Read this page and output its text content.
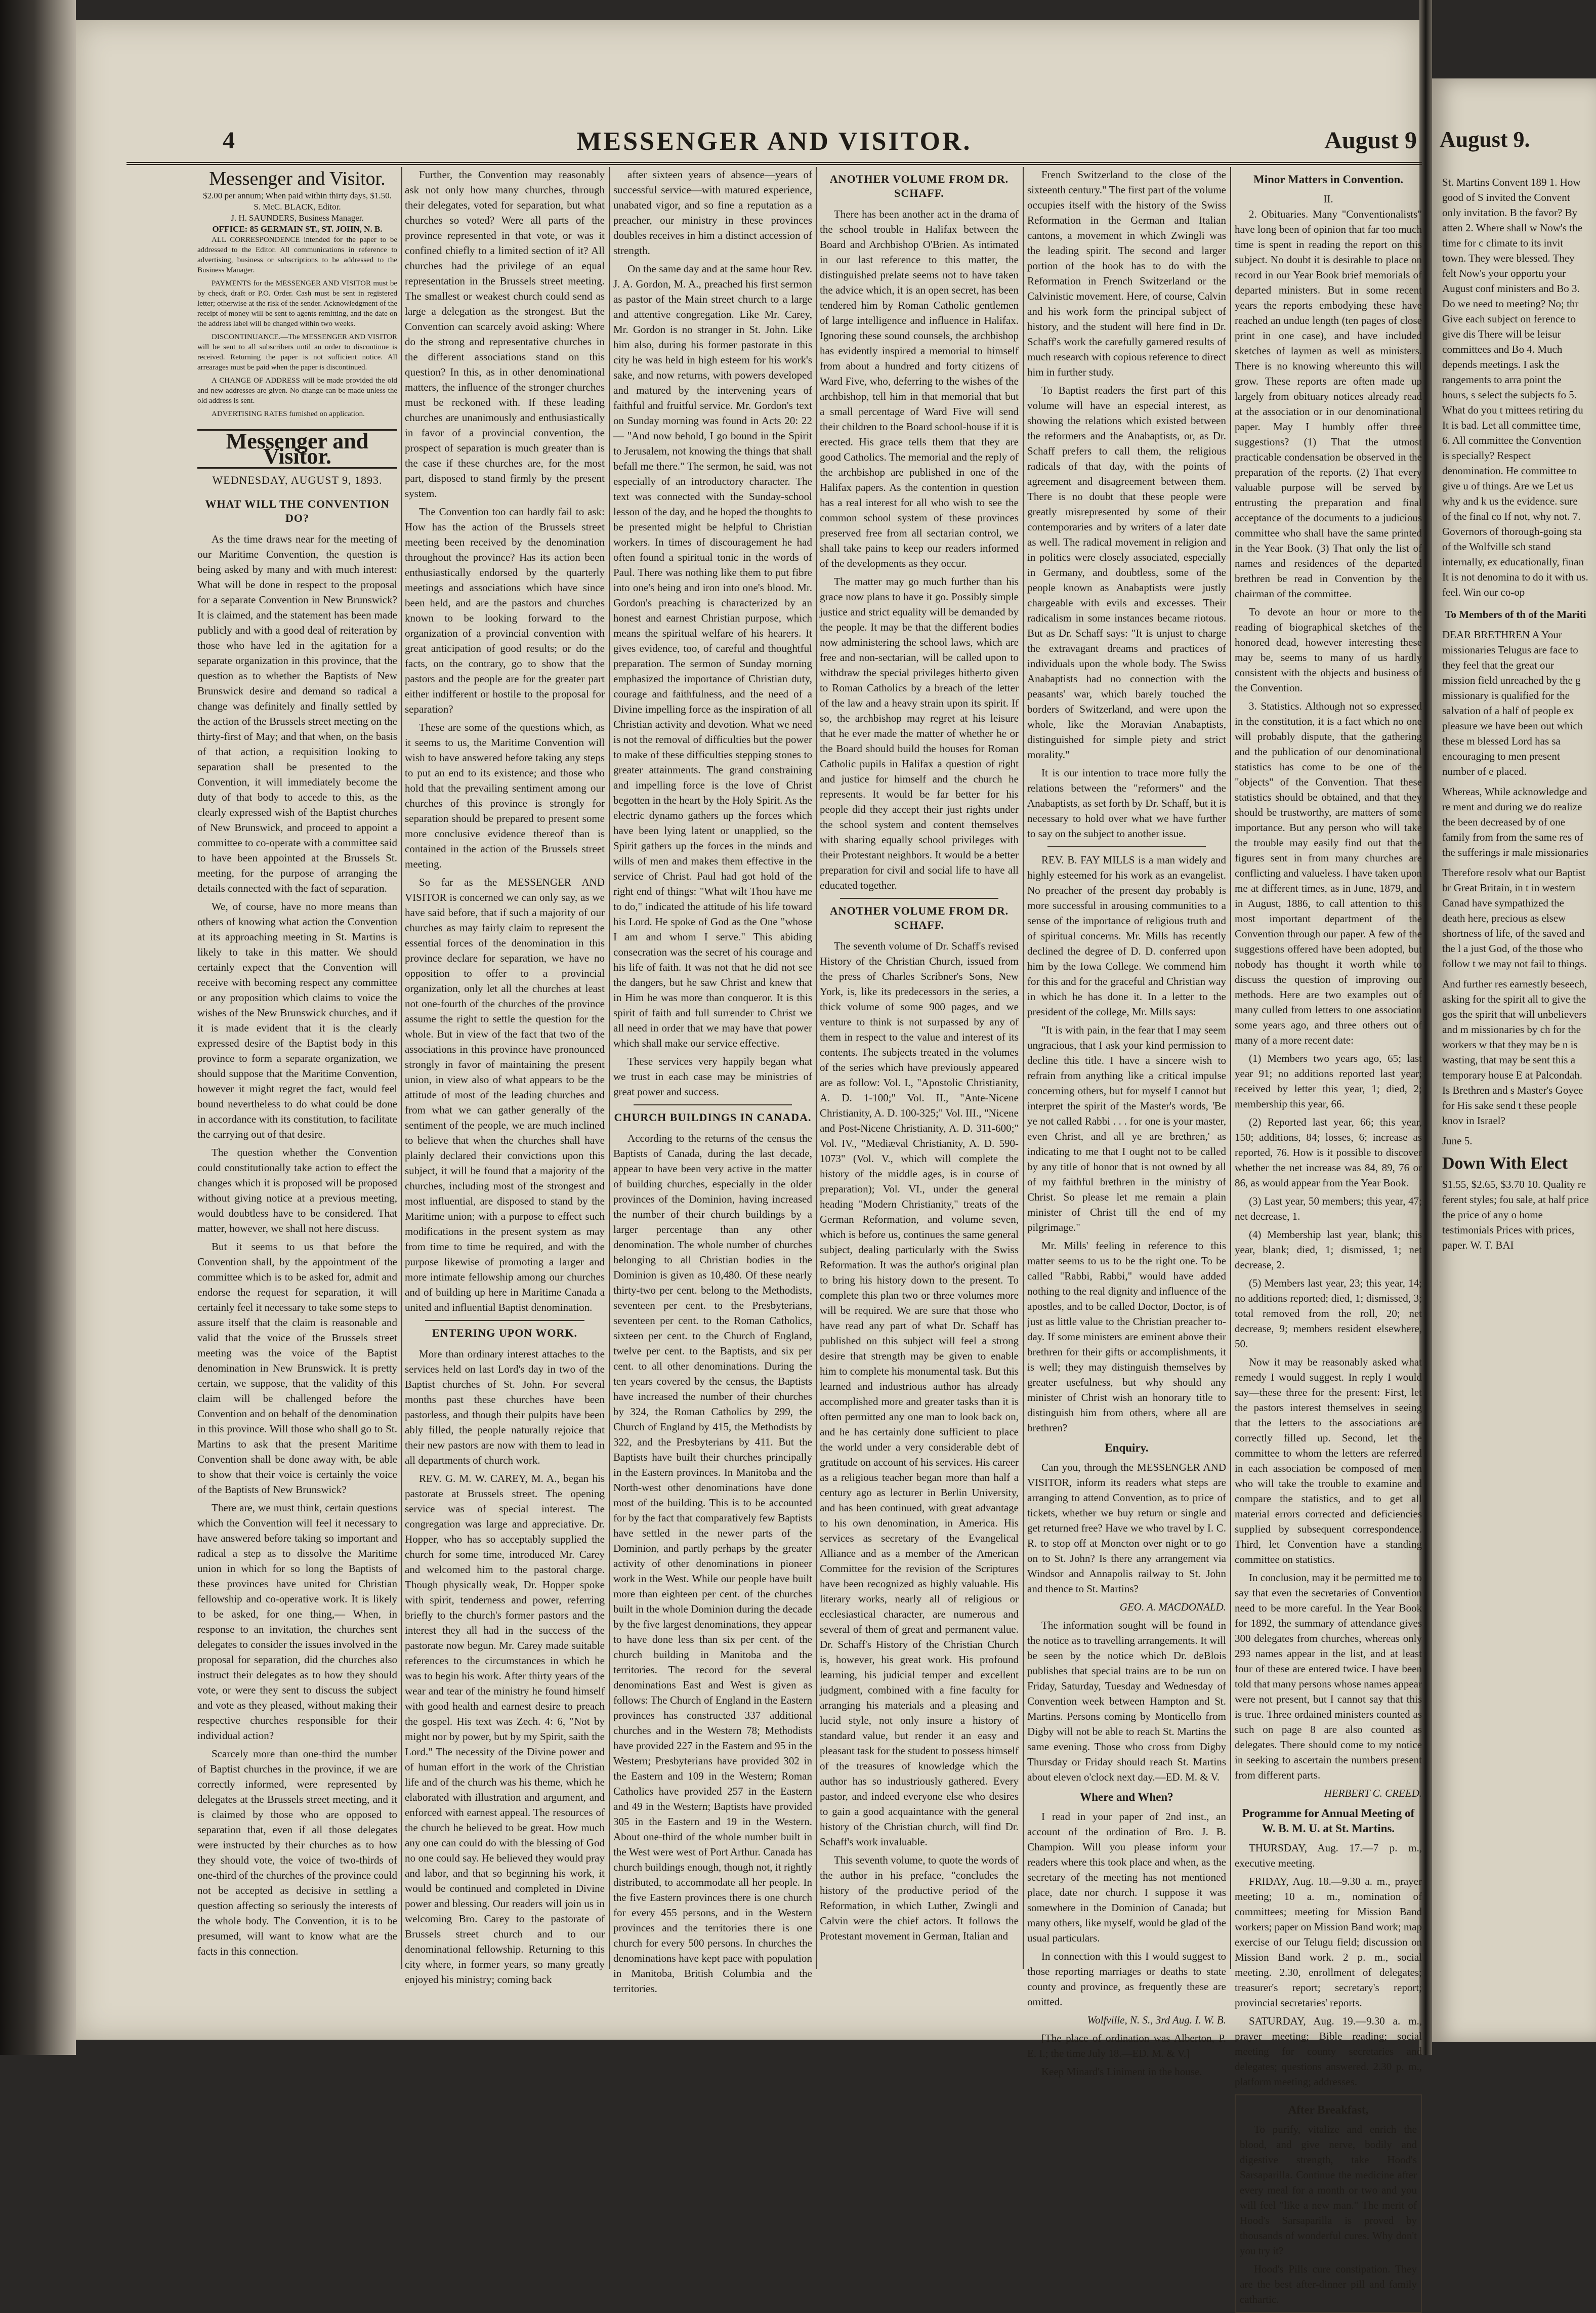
4	MESSENGER AND VISITOR.	August 9
Messenger and Visitor.
$2.00 per annum; When paid within thirty days, $1.50.
S. McC. BLACK, Editor.
J. H. SAUNDERS, Business Manager.
OFFICE: 85 GERMAIN ST., ST. JOHN, N. B.

ALL CORRESPONDENCE intended for the paper to be addressed to the Editor. All communications in reference to advertising, business or subscriptions to be addressed to the Business Manager.

PAYMENTS for the MESSENGER AND VISITOR must be by check, draft or P.O. Order. Cash must be sent in registered letter; otherwise at the risk of the sender. Acknowledgment of the receipt of money will be sent to agents remitting, and the date on the address label will be changed within two weeks.

DISCONTINUANCE.—The MESSENGER AND VISITOR will be sent to all subscribers until an order to discontinue is received. Returning the paper is not sufficient notice. All arrearages must be paid when the paper is discontinued.

A CHANGE OF ADDRESS will be made provided the old and new addresses are given. No change can be made unless the old address is sent.

ADVERTISING RATES furnished on application.

Messenger and Visitor.
WEDNESDAY, AUGUST 9, 1893.
WHAT WILL THE CONVENTION DO?

As the time draws near for the meeting of our Maritime Convention, the question is being asked by many and with much interest: What will be done in respect to the proposal for a separate Convention in New Brunswick? It is claimed, and the statement has been made publicly and with a good deal of reiteration by those who have led in the agitation for a separate organization in this province, that the question as to whether the Baptists of New Brunswick desire and demand so radical a change was definitely and finally settled by the action of the Brussels street meeting on the thirty-first of May; and that when, on the basis of that action, a requisition looking to separation shall be presented to the Convention, it will immediately become the duty of that body to accede to this, as the clearly expressed wish of the Baptist churches of New Brunswick, and proceed to appoint a committee to co-operate with a committee said to have been appointed at the Brussels St. meeting, for the purpose of arranging the details connected with the fact of separation.

We, of course, have no more means than others of knowing what action the Convention at its approaching meeting in St. Martins is likely to take in this matter. We should certainly expect that the Convention will receive with becoming respect any committee or any proposition which claims to voice the wishes of the New Brunswick churches, and if it is made evident that it is the clearly expressed desire of the Baptist body in this province to form a separate organization, we should suppose that the Maritime Convention, however it might regret the fact, would feel bound nevertheless to do what could be done in accordance with its constitution, to facilitate the carrying out of that desire.

The question whether the Convention could constitutionally take action to effect the changes which it is proposed will be proposed without giving notice at a previous meeting, would doubtless have to be considered. That matter, however, we shall not here discuss.

But it seems to us that before the Convention shall, by the appointment of the committee which is to be asked for, admit and endorse the request for separation, it will certainly feel it necessary to take some steps to assure itself that the claim is reasonable and valid that the voice of the Brussels street meeting was the voice of the Baptist denomination in New Brunswick. It is pretty certain, we suppose, that the validity of this claim will be challenged before the Convention and on behalf of the denomination in this province. Will those who shall go to St. Martins to ask that the present Maritime Convention shall be done away with, be able to show that their voice is certainly the voice of the Baptists of New Brunswick?

There are, we must think, certain questions which the Convention will feel it necessary to have answered before taking so important and radical a step as to dissolve the Maritime union in which for so long the Baptists of these provinces have united for Christian fellowship and co-operative work. It is likely to be asked, for one thing,— When, in response to an invitation, the churches sent delegates to consider the issues involved in the proposal for separation, did the churches also instruct their delegates as to how they should vote, or were they sent to discuss the subject and vote as they pleased, without making their respective churches responsible for their individual action?

Scarcely more than one-third the number of Baptist churches in the province, if we are correctly informed, were represented by delegates at the Brussels street meeting, and it is claimed by those who are opposed to separation that, even if all those delegates were instructed by their churches as to how they should vote, the voice of two-thirds of one-third of the churches of the province could not be accepted as decisive in settling a question affecting so seriously the interests of the whole body. The Convention, it is to be presumed, will want to know what are the facts in this connection.

Further, the Convention may reasonably ask not only how many churches, through their delegates, voted for separation, but what churches so voted? Were all parts of the province represented in that vote, or was it confined chiefly to a limited section of it? All churches had the privilege of an equal representation in the Brussels street meeting. The smallest or weakest church could send as large a delegation as the strongest. But the Convention can scarcely avoid asking: Where do the strong and representative churches in the different associations stand on this question? In this, as in other denominational matters, the influence of the stronger churches must be reckoned with. If these leading churches are unanimously and enthusiastically in favor of a provincial convention, the prospect of separation is much greater than is the case if these churches are, for the most part, disposed to stand firmly by the present system.

The Convention too can hardly fail to ask: How has the action of the Brussels street meeting been received by the denomination throughout the province? Has its action been enthusiastically endorsed by the quarterly meetings and associations which have since been held, and are the pastors and churches known to be looking forward to the organization of a provincial convention with great anticipation of good results; or do the facts, on the contrary, go to show that the pastors and the people are for the greater part either indifferent or hostile to the proposal for separation?

These are some of the questions which, as it seems to us, the Maritime Convention will wish to have answered before taking any steps to put an end to its existence; and those who hold that the prevailing sentiment among our churches of this province is strongly for separation should be prepared to present some more conclusive evidence thereof than is contained in the action of the Brussels street meeting.

So far as the MESSENGER AND VISITOR is concerned we can only say, as we have said before, that if such a majority of our churches as may fairly claim to represent the essential forces of the denomination in this province declare for separation, we have no opposition to offer to a provincial organization, only let all the churches at least not one-fourth of the churches of the province assume the right to settle the question for the whole. But in view of the fact that two of the associations in this province have pronounced strongly in favor of maintaining the present union, in view also of what appears to be the attitude of most of the leading churches and from what we can gather generally of the sentiment of the people, we are much inclined to believe that when the churches shall have plainly declared their convictions upon this subject, it will be found that a majority of the churches, including most of the strongest and most influential, are disposed to stand by the Maritime union; with a purpose to effect such modifications in the present system as may from time to time be required, and with the purpose likewise of promoting a larger and more intimate fellowship among our churches and of building up here in Maritime Canada a united and influential Baptist denomination.

ENTERING UPON WORK.

More than ordinary interest attaches to the services held on last Lord's day in two of the Baptist churches of St. John. For several months past these churches have been pastorless, and though their pulpits have been ably filled, the people naturally rejoice that their new pastors are now with them to lead in all departments of church work.

REV. G. M. W. CAREY, M. A., began his pastorate at Brussels street. The opening service was of special interest. The congregation was large and appreciative. Dr. Hopper, who has so acceptably supplied the church for some time, introduced Mr. Carey and welcomed him to the pastoral charge. Though physically weak, Dr. Hopper spoke with spirit, tenderness and power, referring briefly to the church's former pastors and the interest they all had in the success of the pastorate now begun. Mr. Carey made suitable references to the circumstances in which he was to begin his work. After thirty years of the wear and tear of the ministry he found himself with good health and earnest desire to preach the gospel. His text was Zech. 4: 6, "Not by might nor by power, but by my Spirit, saith the Lord." The necessity of the Divine power and of human effort in the work of the Christian life and of the church was his theme, which he elaborated with illustration and argument, and enforced with earnest appeal. The resources of the church he believed to be great. How much any one can could do with the blessing of God no one could say. He believed they would pray and labor, and that so beginning his work, it would be continued and completed in Divine power and blessing. Our readers will join us in welcoming Bro. Carey to the pastorate of Brussels street church and to our denominational fellowship. Returning to this city where, in former years, so many greatly enjoyed his ministry; coming back

after sixteen years of absence—years of successful service—with matured experience, unabated vigor, and so fine a reputation as a preacher, our ministry in these provinces doubles receives in him a distinct accession of strength.

On the same day and at the same hour Rev. J. A. Gordon, M. A., preached his first sermon as pastor of the Main street church to a large and attentive congregation. Like Mr. Carey, Mr. Gordon is no stranger in St. John. Like him also, during his former pastorate in this city he was held in high esteem for his work's sake, and now returns, with powers developed and matured by the intervening years of faithful and fruitful service. Mr. Gordon's text on Sunday morning was found in Acts 20: 22— "And now behold, I go bound in the Spirit to Jerusalem, not knowing the things that shall befall me there." The sermon, he said, was not especially of an introductory character. The text was connected with the Sunday-school lesson of the day, and he hoped the thoughts to be presented might be helpful to Christian workers. In times of discouragement he had often found a spiritual tonic in the words of Paul. There was nothing like them to put fibre into one's being and iron into one's blood. Mr. Gordon's preaching is characterized by an honest and earnest Christian purpose, which means the spiritual welfare of his hearers. It gives evidence, too, of careful and thoughtful preparation. The sermon of Sunday morning emphasized the importance of Christian duty, courage and faithfulness, and the need of a Divine impelling force as the inspiration of all Christian activity and devotion. What we need is not the removal of difficulties but the power to make of these difficulties stepping stones to greater attainments. The grand constraining and impelling force is the love of Christ begotten in the heart by the Holy Spirit. As the electric dynamo gathers up the forces which have been lying latent or unapplied, so the Spirit gathers up the forces in the minds and wills of men and makes them effective in the service of Christ. Paul had got hold of the right end of things: "What wilt Thou have me to do," indicated the attitude of his life toward his Lord. He spoke of God as the One "whose I am and whom I serve." This abiding consecration was the secret of his courage and his life of faith. It was not that he did not see the dangers, but he saw Christ and knew that in Him he was more than conqueror. It is this spirit of faith and full surrender to Christ we all need in order that we may have that power which shall make our service effective.

These services very happily began what we trust in each case may be ministries of great power and success.

CHURCH BUILDINGS IN CANADA.

According to the returns of the census the Baptists of Canada, during the last decade, appear to have been very active in the matter of building churches, especially in the older provinces of the Dominion, having increased the number of their church buildings by a larger percentage than any other denomination. The whole number of churches belonging to all Christian bodies in the Dominion is given as 10,480. Of these nearly thirty-two per cent. belong to the Methodists, seventeen per cent. to the Presbyterians, seventeen per cent. to the Roman Catholics, sixteen per cent. to the Church of England, twelve per cent. to the Baptists, and six per cent. to all other denominations. During the ten years covered by the census, the Baptists have increased the number of their churches by 324, the Roman Catholics by 299, the Church of England by 415, the Methodists by 322, and the Presbyterians by 411. But the Baptists have built their churches principally in the Eastern provinces. In Manitoba and the North-west other denominations have done most of the building. This is to be accounted for by the fact that comparatively few Baptists have settled in the newer parts of the Dominion, and partly perhaps by the greater activity of other denominations in pioneer work in the West. While our people have built more than eighteen per cent. of the churches built in the whole Dominion during the decade by the five largest denominations, they appear to have done less than six per cent. of the church building in Manitoba and the territories. The record for the several denominations East and West is given as follows: The Church of England in the Eastern provinces has constructed 337 additional churches and in the Western 78; Methodists have provided 227 in the Eastern and 95 in the Western; Presbyterians have provided 302 in the Eastern and 109 in the Western; Roman Catholics have provided 257 in the Eastern and 49 in the Western; Baptists have provided 305 in the Eastern and 19 in the Western. About one-third of the whole number built in the West were west of Port Arthur. Canada has church buildings enough, though not, it rightly distributed, to accommodate all her people. In the five Eastern provinces there is one church for every 455 persons, and in the Western provinces and the territories there is one church for every 500 persons. In churches the denominations have kept pace with population in Manitoba, British Columbia and the territories.

ANOTHER VOLUME FROM DR. SCHAFF.

There has been another act in the drama of the school trouble in Halifax between the Board and Archbishop O'Brien. As intimated in our last reference to this matter, the distinguished prelate seems not to have taken the advice which, it is an open secret, has been tendered him by Roman Catholic gentlemen of large intelligence and influence in Halifax. Ignoring these sound counsels, the archbishop has evidently inspired a memorial to himself from about a hundred and forty citizens of Ward Five, who, deferring to the wishes of the archbishop, tell him in that memorial that but a small percentage of Ward Five will send their children to the Board school-house if it is erected. His grace tells them that they are good Catholics. The memorial and the reply of the archbishop are published in one of the Halifax papers. As the contention in question has a real interest for all who wish to see the common school system of these provinces preserved free from all sectarian control, we shall take pains to keep our readers informed of the developments as they occur.

The matter may go much further than his grace now plans to have it go. Possibly simple justice and strict equality will be demanded by the people. It may be that the different bodies now administering the school laws, which are free and non-sectarian, will be called upon to withdraw the special privileges hitherto given to Roman Catholics by a breach of the letter of the law and a heavy strain upon its spirit. If so, the archbishop may regret at his leisure that he ever made the matter of whether he or the Board should build the houses for Roman Catholic pupils in Halifax a question of right and justice for himself and the church he represents. It would be far better for his people did they accept their just rights under the school system and content themselves with sharing equally school privileges with their Protestant neighbors. It would be a better preparation for civil and social life to have all educated together.

ANOTHER VOLUME FROM DR. SCHAFF.

The seventh volume of Dr. Schaff's revised History of the Christian Church, issued from the press of Charles Scribner's Sons, New York, is, like its predecessors in the series, a thick volume of some 900 pages, and we venture to think is not surpassed by any of them in respect to the value and interest of its contents. The subjects treated in the volumes of the series which have previously appeared are as follow: Vol. I., "Apostolic Christianity, A. D. 1-100;" Vol. II., "Ante-Nicene Christianity, A. D. 100-325;" Vol. III., "Nicene and Post-Nicene Christianity, A. D. 311-600;" Vol. IV., "Mediæval Christianity, A. D. 590-1073" (Vol. V., which will complete the history of the middle ages, is in course of preparation); Vol. VI., under the general heading "Modern Christianity," treats of the German Reformation, and volume seven, which is before us, continues the same general subject, dealing particularly with the Swiss Reformation. It was the author's original plan to bring his history down to the present. To complete this plan two or three volumes more will be required. We are sure that those who have read any part of what Dr. Schaff has published on this subject will feel a strong desire that strength may be given to enable him to complete his monumental task. But this learned and industrious author has already accomplished more and greater tasks than it is often permitted any one man to look back on, and he has certainly done sufficient to place the world under a very considerable debt of gratitude on account of his services. His career as a religious teacher began more than half a century ago as lecturer in Berlin University, and has been continued, with great advantage to his own denomination, in America. His services as secretary of the Evangelical Alliance and as a member of the American Committee for the revision of the Scriptures have been recognized as highly valuable. His literary works, nearly all of religious or ecclesiastical character, are numerous and several of them of great and permanent value. Dr. Schaff's History of the Christian Church is, however, his great work. His profound learning, his judicial temper and excellent judgment, combined with a fine faculty for arranging his materials and a pleasing and lucid style, not only insure a history of standard value, but render it an easy and pleasant task for the student to possess himself of the treasures of knowledge which the author has so industriously gathered. Every pastor, and indeed everyone else who desires to gain a good acquaintance with the general history of the Christian church, will find Dr. Schaff's work invaluable.

This seventh volume, to quote the words of the author in his preface, "concludes the history of the productive period of the Reformation, in which Luther, Zwingli and Calvin were the chief actors. It follows the Protestant movement in German, Italian and

French Switzerland to the close of the sixteenth century." The first part of the volume occupies itself with the history of the Swiss Reformation in the German and Italian cantons, a movement in which Zwingli was the leading spirit. The second and larger portion of the book has to do with the Reformation in French Switzerland or the Calvinistic movement. Here, of course, Calvin and his work form the principal subject of history, and the student will here find in Dr. Schaff's work the carefully garnered results of much research with copious reference to direct him in further study.

To Baptist readers the first part of this volume will have an especial interest, as showing the relations which existed between the reformers and the Anabaptists, or, as Dr. Schaff prefers to call them, the religious radicals of that day, with the points of agreement and disagreement between them. There is no doubt that these people were greatly misrepresented by some of their contemporaries and by writers of a later date as well. The radical movement in religion and in politics were closely associated, especially in Germany, and doubtless, some of the people known as Anabaptists were justly chargeable with evils and excesses. Their radicalism in some instances became riotous. But as Dr. Schaff says: "It is unjust to charge the extravagant dreams and practices of individuals upon the whole body. The Swiss Anabaptists had no connection with the peasants' war, which barely touched the borders of Switzerland, and were upon the whole, like the Moravian Anabaptists, distinguished for simple piety and strict morality."

It is our intention to trace more fully the relations between the "reformers" and the Anabaptists, as set forth by Dr. Schaff, but it is necessary to hold over what we have further to say on the subject to another issue.

REV. B. FAY MILLS is a man widely and highly esteemed for his work as an evangelist. No preacher of the present day probably is more successful in arousing communities to a sense of the importance of religious truth and of spiritual concerns. Mr. Mills has recently declined the degree of D. D. conferred upon him by the Iowa College. We commend him for this and for the graceful and Christian way in which he has done it. In a letter to the president of the college, Mr. Mills says:

"It is with pain, in the fear that I may seem ungracious, that I ask your kind permission to decline this title. I have a sincere wish to refrain from anything like a critical impulse concerning others, but for myself I cannot but interpret the spirit of the Master's words, 'Be ye not called Rabbi . . . for one is your master, even Christ, and all ye are brethren,' as indicating to me that I ought not to be called by any title of honor that is not owned by all of my faithful brethren in the ministry of Christ. So please let me remain a plain minister of Christ till the end of my pilgrimage."

Mr. Mills' feeling in reference to this matter seems to us to be the right one. To be called "Rabbi, Rabbi," would have added nothing to the real dignity and influence of the apostles, and to be called Doctor, Doctor, is of just as little value to the Christian preacher to-day. If some ministers are eminent above their brethren for their gifts or accomplishments, it is well; they may distinguish themselves by greater usefulness, but why should any minister of Christ wish an honorary title to distinguish him from others, where all are brethren?

Enquiry.

Can you, through the MESSENGER AND VISITOR, inform its readers what steps are arranging to attend Convention, as to price of tickets, whether we buy return or single and get returned free? Have we who travel by I. C. R. to stop off at Moncton over night or to go on to St. John? Is there any arrangement via Windsor and Annapolis railway to St. John and thence to St. Martins?

GEO. A. MACDONALD.

The information sought will be found in the notice as to travelling arrangements. It will be seen by the notice which Dr. deBlois publishes that special trains are to be run on Friday, Saturday, Tuesday and Wednesday of Convention week between Hampton and St. Martins. Persons coming by Monticello from Digby will not be able to reach St. Martins the same evening. Those who cross from Digby Thursday or Friday should reach St. Martins about eleven o'clock next day.—ED. M. & V.

Where and When?

I read in your paper of 2nd inst., an account of the ordination of Bro. J. B. Champion. Will you please inform your readers where this took place and when, as the secretary of the meeting has not mentioned place, date nor church. I suppose it was somewhere in the Dominion of Canada; but many others, like myself, would be glad of the usual particulars.

In connection with this I would suggest to those reporting marriages or deaths to state county and province, as frequently these are omitted.

Wolfville, N. S., 3rd Aug. I. W. B.

[The place of ordination was Alberton, P. E. I.; the time July 18.—ED. M. & V.]

Keep Minard's Liniment in the house.

Minor Matters in Convention.
II.

2. Obituaries. Many "Conventionalists" have long been of opinion that far too much time is spent in reading the report on this subject. No doubt it is desirable to place on record in our Year Book brief memorials of departed ministers. But in some recent years the reports embodying these have reached an undue length (ten pages of close print in one case), and have included sketches of laymen as well as ministers. There is no knowing whereunto this will grow. These reports are often made up largely from obituary notices already read at the association or in our denominational paper. May I humbly offer three suggestions? (1) That the utmost practicable condensation be observed in the preparation of the reports. (2) That every valuable purpose will be served by entrusting the preparation and final acceptance of the documents to a judicious committee who shall have the same printed in the Year Book. (3) That only the list of names and residences of the departed brethren be read in Convention by the chairman of the committee.

To devote an hour or more to the reading of biographical sketches of the honored dead, however interesting these may be, seems to many of us hardly consistent with the objects and business of the Convention.

3. Statistics. Although not so expressed in the constitution, it is a fact which no one will probably dispute, that the gathering and the publication of our denominational statistics has come to be one of the "objects" of the Convention. That these statistics should be obtained, and that they should be trustworthy, are matters of some importance. But any person who will take the trouble may easily find out that the figures sent in from many churches are conflicting and valueless. I have taken upon me at different times, as in June, 1879, and in August, 1886, to call attention to this most important department of the Convention through our paper. A few of the suggestions offered have been adopted, but nobody has thought it worth while to discuss the question of improving our methods. Here are two examples out of many culled from letters to one association some years ago, and three others out of many of a more recent date:

(1) Members two years ago, 65; last year 91; no additions reported last year; received by letter this year, 1; died, 2; membership this year, 66.

(2) Reported last year, 66; this year, 150; additions, 84; losses, 6; increase as reported, 76. How is it possible to discover whether the net increase was 84, 89, 76 or 86, as would appear from the Year Book.

(3) Last year, 50 members; this year, 47; net decrease, 1.

(4) Membership last year, blank; this year, blank; died, 1; dismissed, 1; net decrease, 2.

(5) Members last year, 23; this year, 14; no additions reported; died, 1; dismissed, 3; total removed from the roll, 20; net decrease, 9; members resident elsewhere, 50.

Now it may be reasonably asked what remedy I would suggest. In reply I would say—these three for the present: First, let the pastors interest themselves in seeing that the letters to the associations are correctly filled up. Second, let the committee to whom the letters are referred in each association be composed of men who will take the trouble to examine and compare the statistics, and to get all material errors corrected and deficiencies supplied by subsequent correspondence. Third, let Convention have a standing committee on statistics.

In conclusion, may it be permitted me to say that even the secretaries of Convention need to be more careful. In the Year Book for 1892, the summary of attendance gives 300 delegates from churches, whereas only 293 names appear in the list, and at least four of these are entered twice. I have been told that many persons whose names appear were not present, but I cannot say that this is true. Three ordained ministers counted as such on page 8 are also counted as delegates. There should come to my notice in seeking to ascertain the numbers present from different parts.

HERBERT C. CREED.

Programme for Annual Meeting of W. B. M. U. at St. Martins.

THURSDAY, Aug. 17.—7 p. m., executive meeting.

FRIDAY, Aug. 18.—9.30 a. m., prayer meeting; 10 a. m., nomination of committees; meeting for Mission Band workers; paper on Mission Band work; map exercise of our Telugu field; discussion on Mission Band work. 2 p. m., social meeting. 2.30, enrollment of delegates; treasurer's report; secretary's report; provincial secretaries' reports.

SATURDAY, Aug. 19.—9.30 a. m., prayer meeting; Bible reading; social meeting for county secretaries and delegates; questions answered. 2.30 p. m., platform meeting; addresses.

After Breakfast,

To purify, vitalize and enrich the blood, and give nerve, bodily and digestive strength, take Hood's Sarsaparilla. Continue the medicine after every meal for a month or two and you will feel "like a new man." The merit of Hood's Sarsaparilla is proved by thousands of wonderful cures. Why don't you try it?

Hood's Pills cure constipation. They are the best after-dinner pill and family cathartic.

August 9.

St. Martins Convent 189 1. How good of S invited the Convent only invitation. B the favor? By atten 2. Where shall w Now's the time for c climate to its invit town. They were blessed. They felt Now's your opportu your August conf ministers and Bo 3. Do we need to meeting? No; thr Give each subject on ference to give dis There will be leisur committees and Bo 4. Much depends meetings. I ask the rangements to arra point the hours, s select the subjects fo 5. What do you t mittees retiring du It is bad. Let all committee time, 6. All committee the Convention is specially? Respect denomination. He committee to give u of things. Are we Let us why and k us the evidence. sure of the final co If not, why not. 7. Governors of thorough-going sta of the Wolfville sch stand internally, ex educationally, finan It is not denomina to do it with us. feel. Win our co-op

To Members of th of the Mariti

DEAR BRETHREN A Your missionaries Telugus are face to they feel that the great our mission field unreached by the g missionary is qualified for the salvation of a half of people ex pleasure we have been out which these m blessed Lord has sa encouraging to men present number of e placed.

Whereas, While acknowledge and re ment and during we do realize the been decreased by of one family from from the same res of the sufferings ir male missionaries

Therefore resolv what our Baptist br Great Britain, in t in western Canad have sympathized the death here, precious as elsew shortness of life, of the saved and the l a just God, of the those who follow t we may not fail to things.

And further res earnestly beseech, asking for the spirit all to give the gos the spirit that will unbelievers and m missionaries by ch for the workers w that they may be n is wasting, that may be sent this a temporary house E at Palcondah. Is Brethren and s Master's Goyee for His sake send t these people knov in Israel?

June 5.

Down With Elect

$1.55, $2.65, $3.70 10. Quality re ferent styles; fou sale, at half price the price of any o home testimonials Prices with prices, paper. W. T. BAI
